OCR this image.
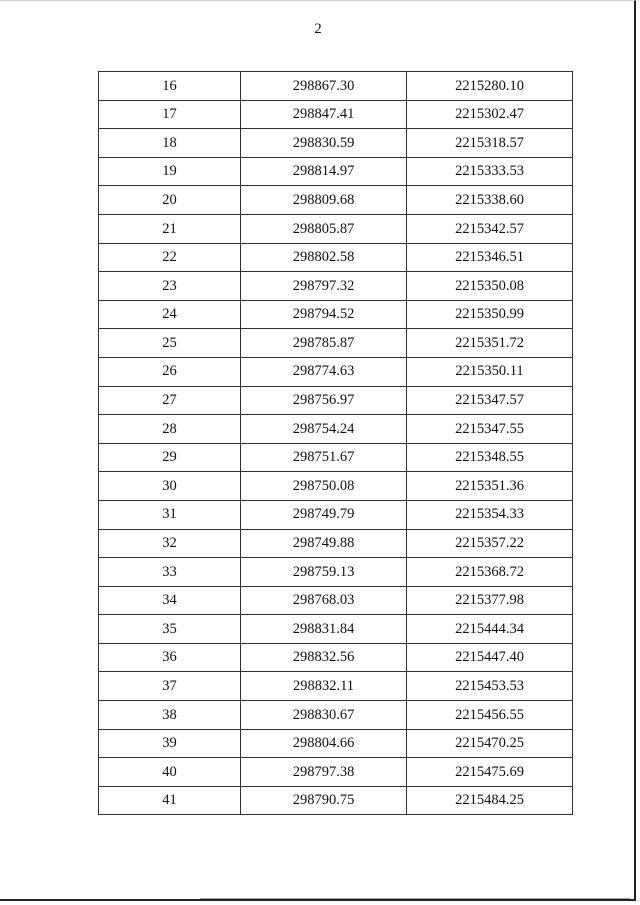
2
16	298867.30	2215280.10
17	298847.41	2215302.47
18	298830.59	2215318.57
19	298814.97	2215333.53
20	298809.68	2215338.60
21	298805.87	2215342.57
22	298802.58	2215346.51
23	298797.32	2215350.08
24	298794.52	2215350.99
25	298785.87	2215351.72
26	298774.63	2215350.11
27	298756.97	2215347.57
28	298754.24	2215347.55
29	298751.67	2215348.55
30	298750.08	2215351.36
31	298749.79	2215354.33
32	298749.88	2215357.22
33	298759.13	2215368.72
34	298768.03	2215377.98
35	298831.84	2215444.34
36	298832.56	2215447.40
37	298832.11	2215453.53
38	298830.67	2215456.55
39	298804.66	2215470.25
40	298797.38	2215475.69
41	298790.75	2215484.25
